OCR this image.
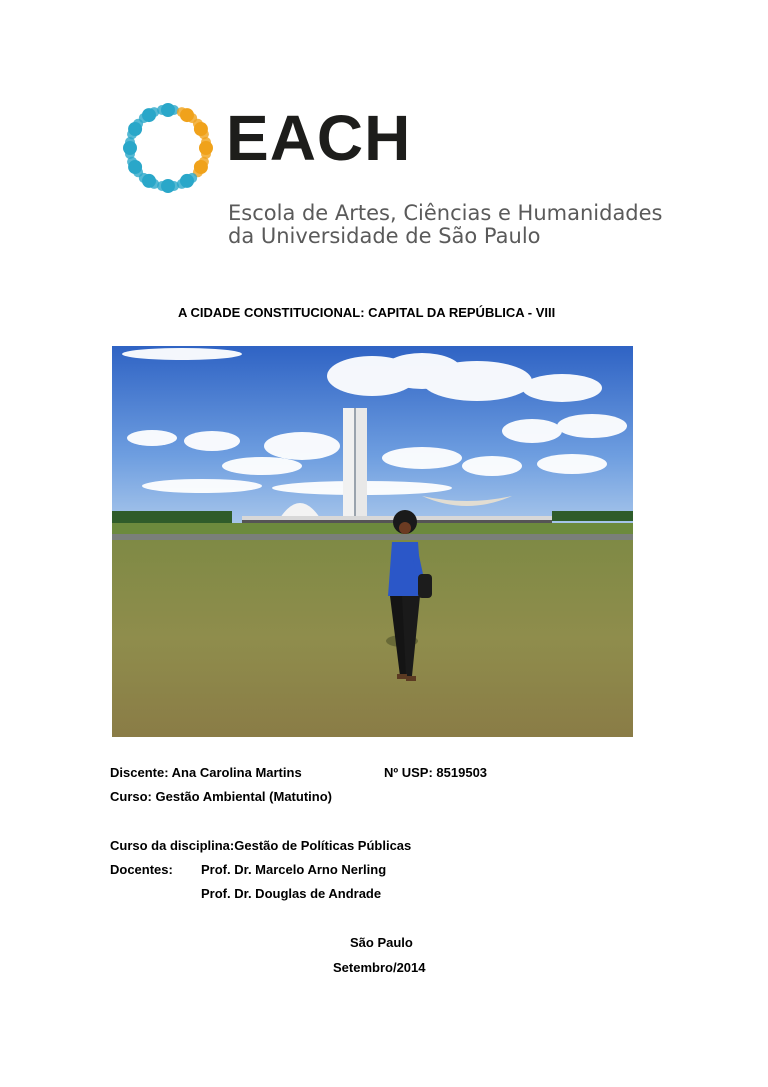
EACH
Escola de Artes, Ciências e Humanidades
da Universidade de São Paulo
A CIDADE CONSTITUCIONAL: CAPITAL DA REPÚBLICA - VIII
Discente: Ana Carolina Martins	Nº USP: 8519503
Curso: Gestão Ambiental (Matutino)
Curso da disciplina:Gestão de Políticas Públicas
Docentes: Prof. Dr. Marcelo Arno Nerling
Prof. Dr. Douglas de Andrade
São Paulo
Setembro/2014
